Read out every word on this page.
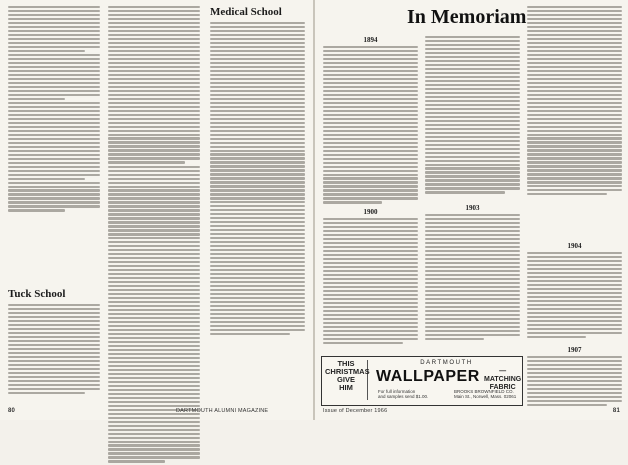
Tuck School
Medical School
80	DARTMOUTH ALUMNI MAGAZINE
In Memoriam
1894
1900	1903
1904
1907
THIS
CHRISTMAS
GIVE
HIM
DARTMOUTH
WALLPAPER	—MATCHING
FABRIC
For full information
and samples send $1.00.
BROOKS BROWNFIELD CO.
Main St., Norwell, Mass. 02061
Issue of December 1966	81
